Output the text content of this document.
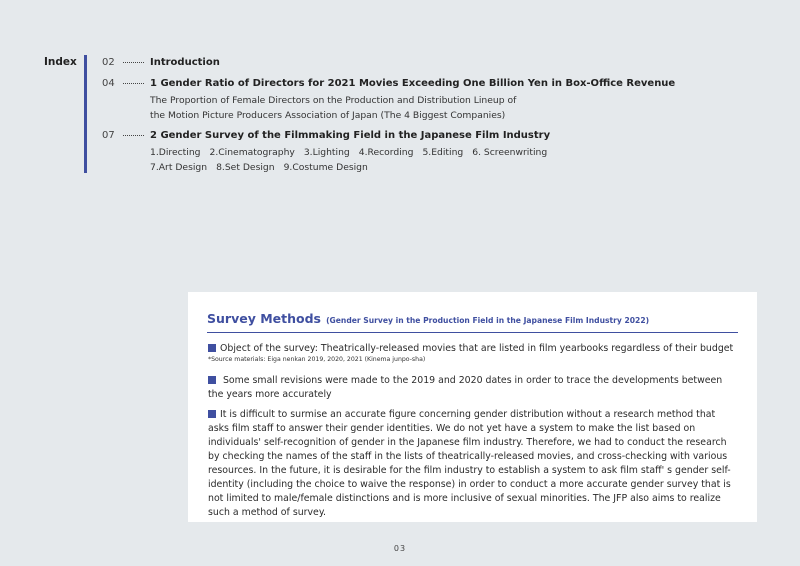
Index	02	Introduction
04	1 Gender Ratio of Directors for 2021 Movies Exceeding One Billion Yen in Box-Office Revenue
The Proportion of Female Directors on the Production and Distribution Lineup of
the Motion Picture Producers Association of Japan (The 4 Biggest Companies)
07	2 Gender Survey of the Filmmaking Field in the Japanese Film Industry
1.Directing 2.Cinematography 3.Lighting 4.Recording 5.Editing 6. Screenwriting
7.Art Design 8.Set Design 9.Costume Design
Survey Methods (Gender Survey in the Production Field in the Japanese Film Industry 2022)
Object of the survey: Theatrically-released movies that are listed in film yearbooks regardless of their budget
*Source materials: Eiga nenkan 2019, 2020, 2021 (Kinema junpo-sha)
Some small revisions were made to the 2019 and 2020 dates in order to trace the developments between the years more accurately
It is difficult to surmise an accurate figure concerning gender distribution without a research method that asks film staff to answer their gender identities. We do not yet have a system to make the list based on individuals' self-recognition of gender in the Japanese film industry. Therefore, we had to conduct the research by checking the names of the staff in the lists of theatrically-released movies, and cross-checking with various resources. In the future, it is desirable for the film industry to establish a system to ask film staff' s gender self-identity (including the choice to waive the response) in order to conduct a more accurate gender survey that is not limited to male/female distinctions and is more inclusive of sexual minorities. The JFP also aims to realize such a method of survey.
03
